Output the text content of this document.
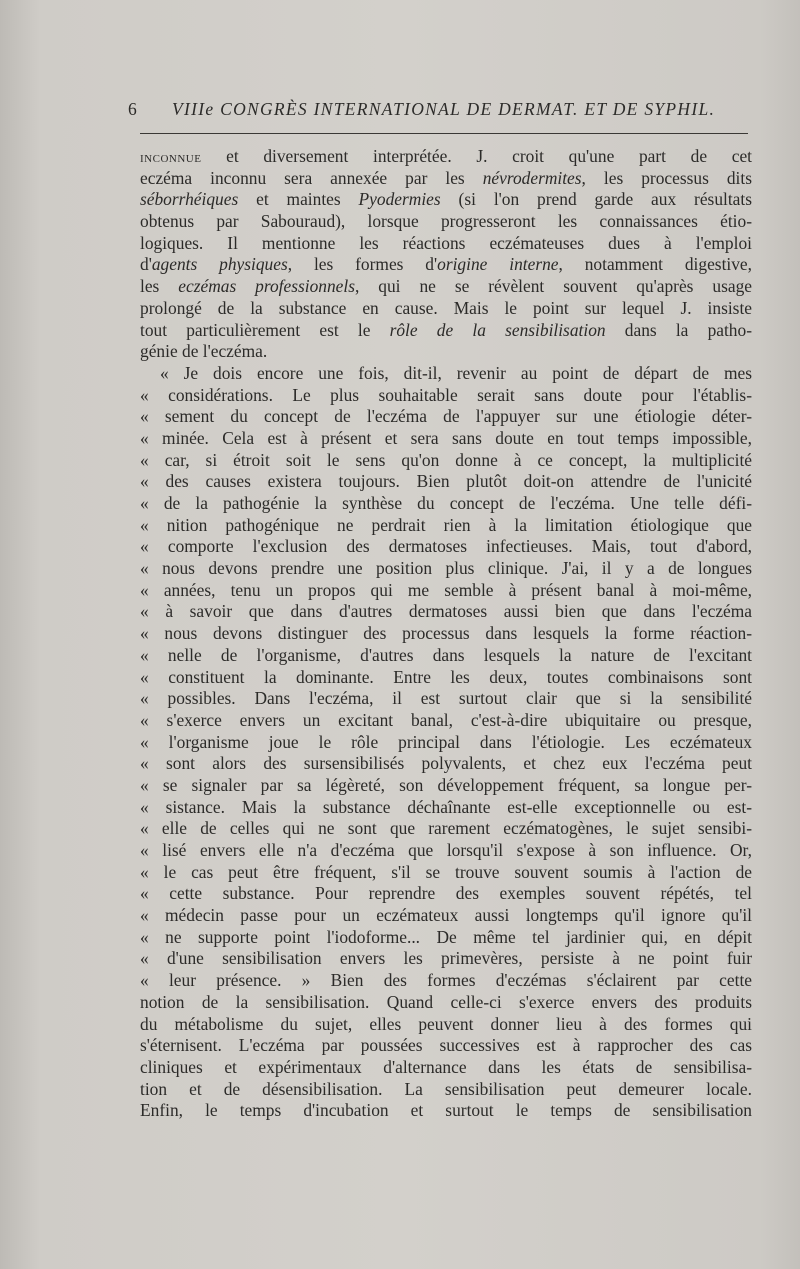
6 VIIIe CONGRÈS INTERNATIONAL DE DERMAT. ET DE SYPHIL.
inconnue et diversement interprétée. J. croit qu'une part de cet
eczéma inconnu sera annexée par les névrodermites, les processus dits
séborrhéiques et maintes Pyodermies (si l'on prend garde aux résultats
obtenus par Sabouraud), lorsque progresseront les connaissances étio-
logiques. Il mentionne les réactions eczémateuses dues à l'emploi
d'agents physiques, les formes d'origine interne, notamment digestive,
les eczémas professionnels, qui ne se révèlent souvent qu'après usage
prolongé de la substance en cause. Mais le point sur lequel J. insiste
tout particulièrement est le rôle de la sensibilisation dans la patho-
génie de l'eczéma.
« Je dois encore une fois, dit-il, revenir au point de départ de mes
« considérations. Le plus souhaitable serait sans doute pour l'établis-
« sement du concept de l'eczéma de l'appuyer sur une étiologie déter-
« minée. Cela est à présent et sera sans doute en tout temps impossible,
« car, si étroit soit le sens qu'on donne à ce concept, la multiplicité
« des causes existera toujours. Bien plutôt doit-on attendre de l'unicité
« de la pathogénie la synthèse du concept de l'eczéma. Une telle défi-
« nition pathogénique ne perdrait rien à la limitation étiologique que
« comporte l'exclusion des dermatoses infectieuses. Mais, tout d'abord,
« nous devons prendre une position plus clinique. J'ai, il y a de longues
« années, tenu un propos qui me semble à présent banal à moi-même,
« à savoir que dans d'autres dermatoses aussi bien que dans l'eczéma
« nous devons distinguer des processus dans lesquels la forme réaction-
« nelle de l'organisme, d'autres dans lesquels la nature de l'excitant
« constituent la dominante. Entre les deux, toutes combinaisons sont
« possibles. Dans l'eczéma, il est surtout clair que si la sensibilité
« s'exerce envers un excitant banal, c'est-à-dire ubiquitaire ou presque,
« l'organisme joue le rôle principal dans l'étiologie. Les eczémateux
« sont alors des sursensibilisés polyvalents, et chez eux l'eczéma peut
« se signaler par sa légèreté, son développement fréquent, sa longue per-
« sistance. Mais la substance déchaînante est-elle exceptionnelle ou est-
« elle de celles qui ne sont que rarement eczématogènes, le sujet sensibi-
« lisé envers elle n'a d'eczéma que lorsqu'il s'expose à son influence. Or,
« le cas peut être fréquent, s'il se trouve souvent soumis à l'action de
« cette substance. Pour reprendre des exemples souvent répétés, tel
« médecin passe pour un eczémateux aussi longtemps qu'il ignore qu'il
« ne supporte point l'iodoforme... De même tel jardinier qui, en dépit
« d'une sensibilisation envers les primevères, persiste à ne point fuir
« leur présence. » Bien des formes d'eczémas s'éclairent par cette
notion de la sensibilisation. Quand celle-ci s'exerce envers des produits
du métabolisme du sujet, elles peuvent donner lieu à des formes qui
s'éternisent. L'eczéma par poussées successives est à rapprocher des cas
cliniques et expérimentaux d'alternance dans les états de sensibilisa-
tion et de désensibilisation. La sensibilisation peut demeurer locale.
Enfin, le temps d'incubation et surtout le temps de sensibilisation
